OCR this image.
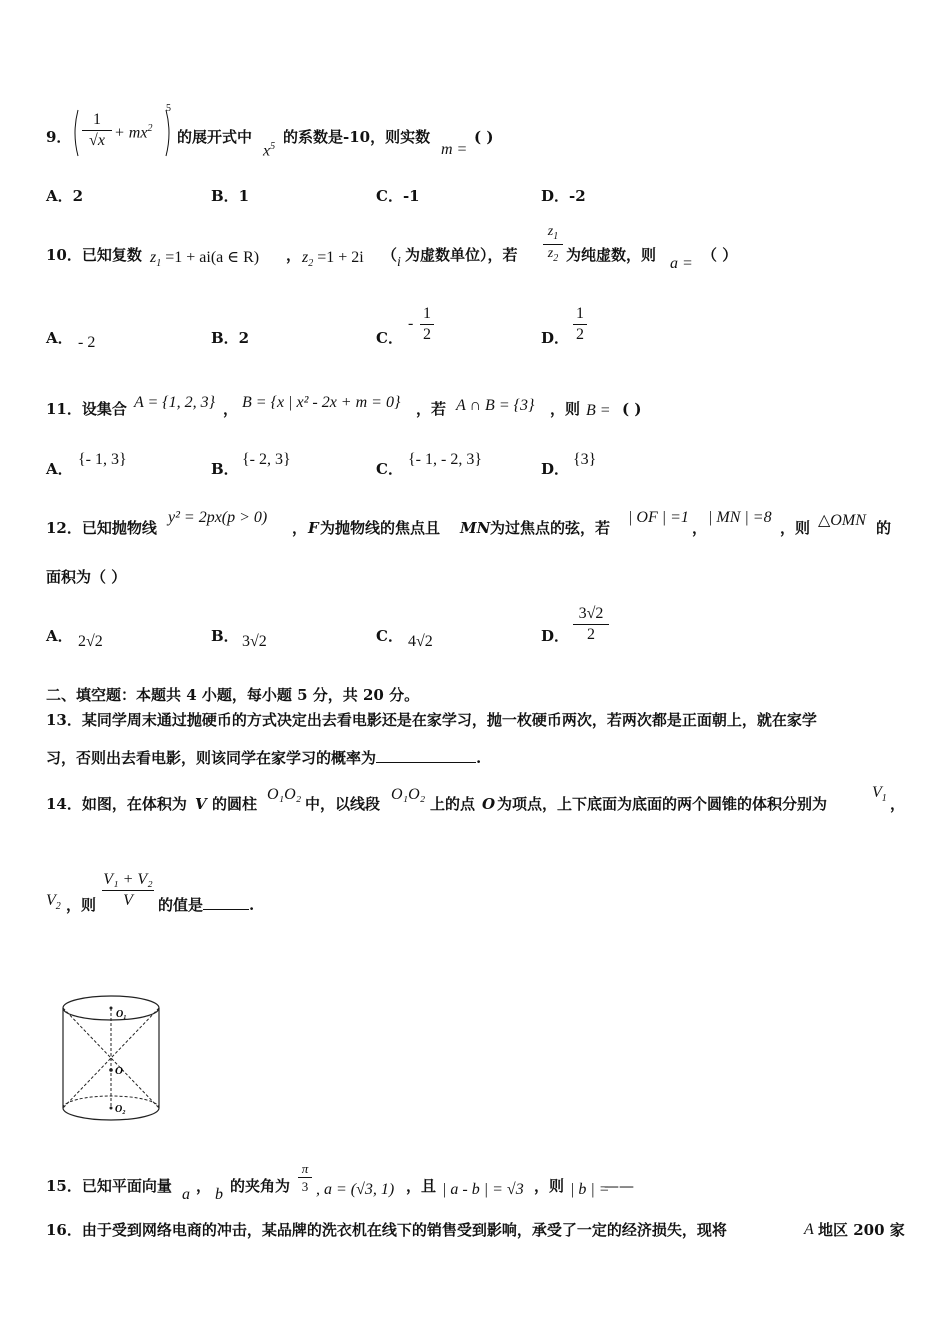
9．
1
$√x + mx^2$
5
的展开式中
$x^5$
的系数是-10，则实数
m =
( )
A．2	B．1	C．-1	D．-2
10．已知复数 $z_1 =1 + ai(a$ ∈ R) ， $z_2 =1 + 2i$ （ i 为虚数单位），若
$z_1$
$z_2$ 为纯虚数，则 a = （ ）
A． - 2	B．2	C．
-
1
2	D．
1
2
11．设集合 A = {1, 2, 3} ， B = {x | x² - 2x + m = 0} ，若 A ∩ B = {3} ，则 B = ( )
A．
{- 1, 3}
B．
{- 2, 3}
C．
{- 1, - 2, 3}
D．
{3}
12．已知抛物线
y² = 2px(p > 0)
， F 为抛物线的焦点且 MN 为过焦点的弦，若
| OF | =1
，
| MN | =8
，则 △OMN 的
面积为（ ）
A． 2√2	B． 3√2	C． 4√2	D．
3√2
2
二、填空题：本题共 4 小题，每小题 5 分，共 20 分。
13．某同学周末通过抛硬币的方式决定出去看电影还是在家学习，抛一枚硬币两次，若两次都是正面朝上，就在家学
习，否则出去看电影，则该同学在家学习的概率为	.
14．如图，在体积为 V 的圆柱
O₁O₂
中，以线段
O₁O₂
上的点 O 为项点，上下底面为底面的两个圆锥的体积分别为
$V_1$ ，
$V_2$ ，则
V₁ + V₂
V	的值是	.
O₁
O
O₂
15．已知平面向量 a ， b 的夹角为
π
3 , a = (√3, 1) ，且 | a - b | = √3 ，则 | b | =
——
16．由于受到网络电商的冲击，某品牌的洗衣机在线下的销售受到影响，承受了一定的经济损失，现将	A 地区 200 家
